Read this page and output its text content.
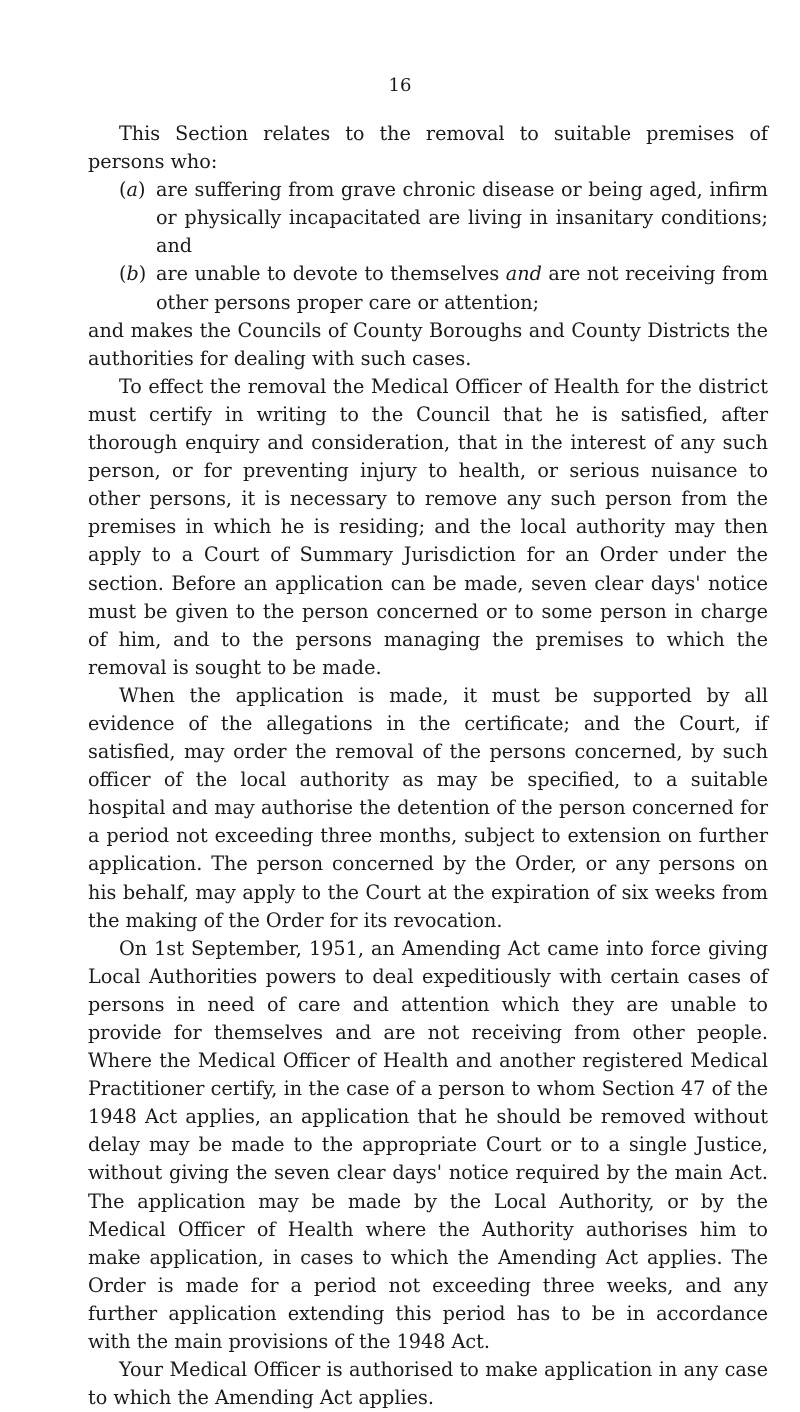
16

This Section relates to the removal to suitable premises of persons who:

(a) are suffering from grave chronic disease or being aged, infirm or physically incapacitated are living in insanitary conditions; and
(b) are unable to devote to themselves and are not receiving from other persons proper care or attention;

and makes the Councils of County Boroughs and County Districts the authorities for dealing with such cases.

To effect the removal the Medical Officer of Health for the district must certify in writing to the Council that he is satisfied, after thorough enquiry and consideration, that in the interest of any such person, or for preventing injury to health, or serious nuisance to other persons, it is necessary to remove any such person from the premises in which he is residing; and the local authority may then apply to a Court of Summary Jurisdiction for an Order under the section. Before an application can be made, seven clear days' notice must be given to the person concerned or to some person in charge of him, and to the persons managing the premises to which the removal is sought to be made.

When the application is made, it must be supported by all evidence of the allegations in the certificate; and the Court, if satisfied, may order the removal of the persons concerned, by such officer of the local authority as may be specified, to a suitable hospital and may authorise the detention of the person concerned for a period not exceeding three months, subject to extension on further application. The person concerned by the Order, or any persons on his behalf, may apply to the Court at the expiration of six weeks from the making of the Order for its revocation.

On 1st September, 1951, an Amending Act came into force giving Local Authorities powers to deal expeditiously with certain cases of persons in need of care and attention which they are unable to provide for themselves and are not receiving from other people. Where the Medical Officer of Health and another registered Medical Practitioner certify, in the case of a person to whom Section 47 of the 1948 Act applies, an application that he should be removed without delay may be made to the appropriate Court or to a single Justice, without giving the seven clear days' notice required by the main Act. The application may be made by the Local Authority, or by the Medical Officer of Health where the Authority authorises him to make application, in cases to which the Amending Act applies. The Order is made for a period not exceeding three weeks, and any further application extending this period has to be in accordance with the main provisions of the 1948 Act.

Your Medical Officer is authorised to make application in any case to which the Amending Act applies.
